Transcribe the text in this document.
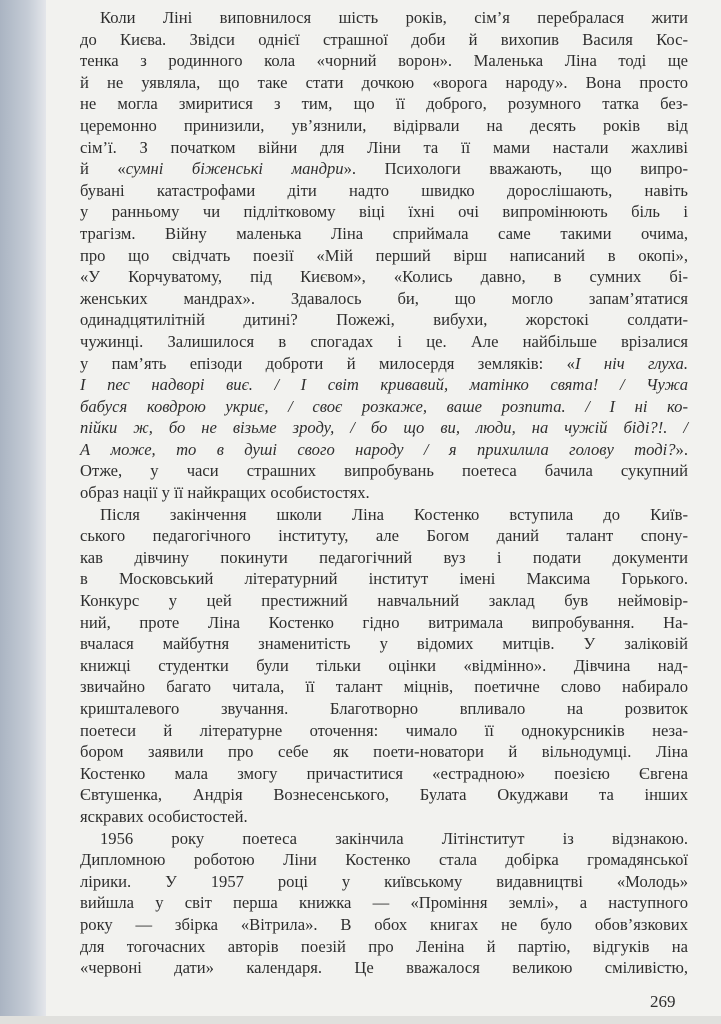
Коли Ліні виповнилося шість років, сім’я перебралася жити
до Києва. Звідси однієї страшної доби й вихопив Василя Кос-
тенка з родинного кола «чорний ворон». Маленька Ліна тоді ще
й не уявляла, що таке стати дочкою «ворога народу». Вона просто
не могла змиритися з тим, що її доброго, розумного татка без-
церемонно принизили, ув’язнили, відірвали на десять років від
сім’ї. З початком війни для Ліни та її мами настали жахливі
й «сумні біженські мандри». Психологи вважають, що випро-
бувані катастрофами діти надто швидко дорослішають, навіть
у ранньому чи підлітковому віці їхні очі випромінюють біль і
трагізм. Війну маленька Ліна сприймала саме такими очима,
про що свідчать поезії «Мій перший вірш написаний в окопі»,
«У Корчуватому, під Києвом», «Колись давно, в сумних бі-
женських мандрах». Здавалось би, що могло запам’ятатися
одинадцятилітній дитині? Пожежі, вибухи, жорстокі солдати-
чужинці. Залишилося в спогадах і це. Але найбільше врізалися
у пам’ять епізоди доброти й милосердя земляків: «І ніч глуха.
І пес надворі виє. / І світ кривавий, матінко свята! / Чужа
бабуся ковдрою укриє, / своє розкаже, ваше розпита. / І ні ко-
пійки ж, бо не візьме зроду, / бо що ви, люди, на чужій біді?!. /
А може, то в душі свого народу / я прихилила голову тоді?».
Отже, у часи страшних випробувань поетеса бачила сукупний
образ нації у її найкращих особистостях.
Після закінчення школи Ліна Костенко вступила до Київ-
ського педагогічного інституту, але Богом даний талант спону-
кав дівчину покинути педагогічний вуз і подати документи
в Московський літературний інститут імені Максима Горького.
Конкурс у цей престижний навчальний заклад був неймовір-
ний, проте Ліна Костенко гідно витримала випробування. На-
вчалася майбутня знаменитість у відомих митців. У заліковій
книжці студентки були тільки оцінки «відмінно». Дівчина над-
звичайно багато читала, її талант міцнів, поетичне слово набирало
кришталевого звучання. Благотворно впливало на розвиток
поетеси й літературне оточення: чимало її однокурсників неза-
бором заявили про себе як поети-новатори й вільнодумці. Ліна
Костенко мала змогу причаститися «естрадною» поезією Євгена
Євтушенка, Андрія Вознесенського, Булата Окуджави та інших
яскравих особистостей.
1956 року поетеса закінчила Літінститут із відзнакою.
Дипломною роботою Ліни Костенко стала добірка громадянської
лірики. У 1957 році у київському видавництві «Молодь»
вийшла у світ перша книжка — «Проміння землі», а наступного
року — збірка «Вітрила». В обох книгах не було обов’язкових
для тогочасних авторів поезій про Леніна й партію, відгуків на
«червоні дати» календаря. Це вважалося великою сміливістю,
269
